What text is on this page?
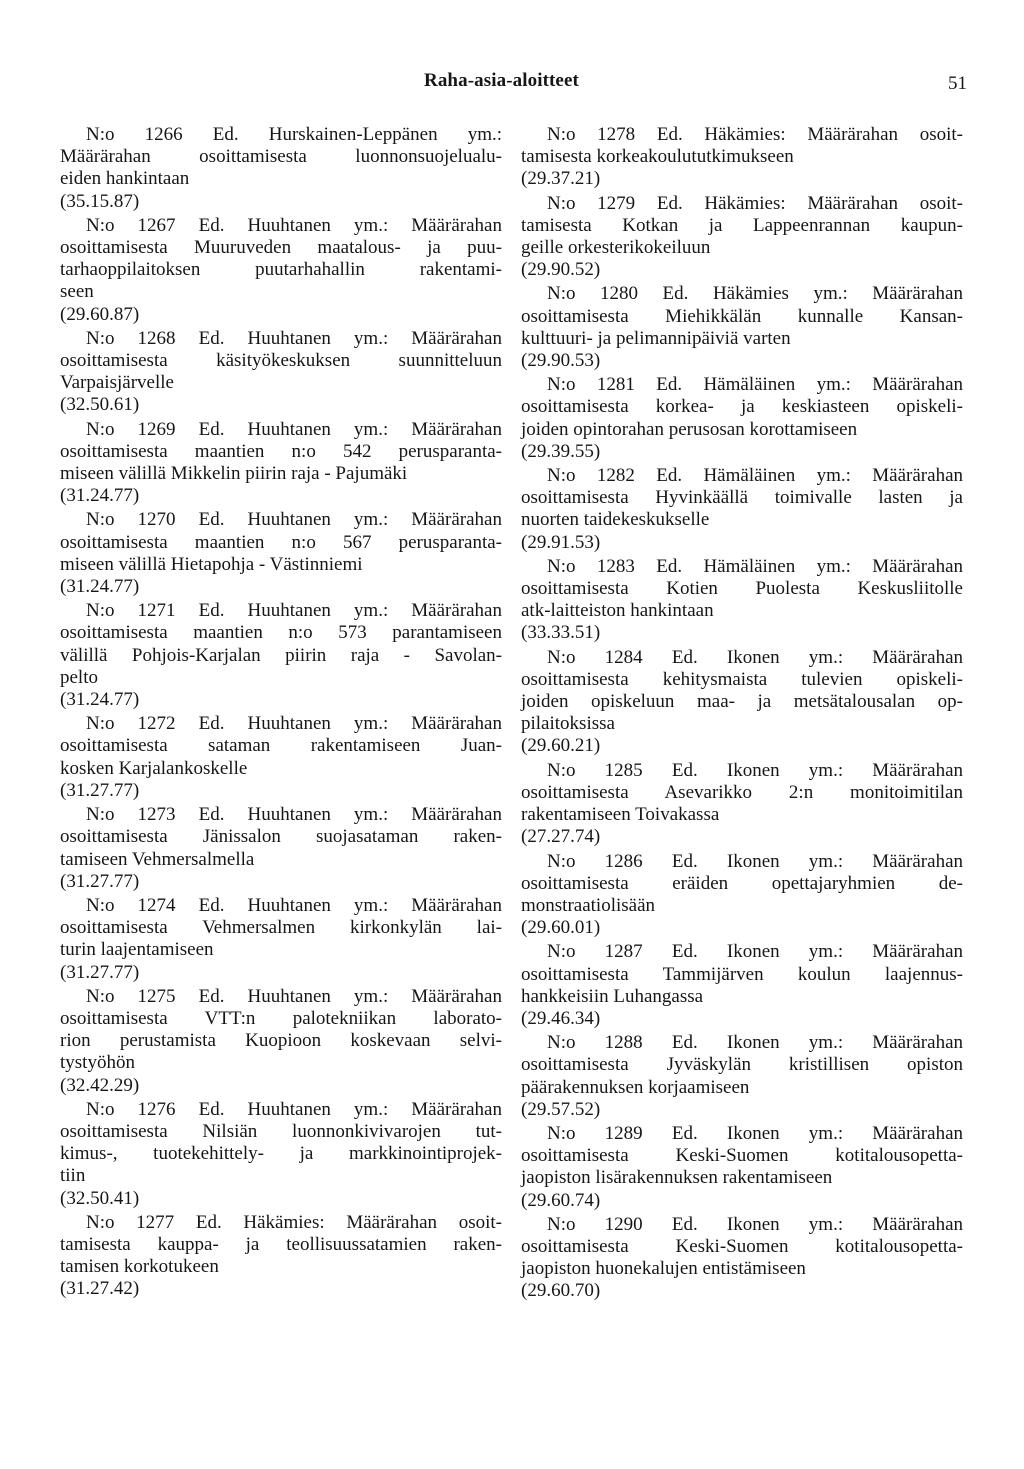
Raha-asia-aloitteet	51
N:o 1266 Ed. Hurskainen-Leppänen ym.:
Määrärahan osoittamisesta luonnonsuojelualu-
eiden hankintaan
(35.15.87)
N:o 1267 Ed. Huuhtanen ym.: Määrärahan
osoittamisesta Muuruveden maatalous- ja puu-
tarhaoppilaitoksen puutarhahallin rakentami-
seen
(29.60.87)
N:o 1268 Ed. Huuhtanen ym.: Määrärahan
osoittamisesta käsityökeskuksen suunnitteluun
Varpaisjärvelle
(32.50.61)
N:o 1269 Ed. Huuhtanen ym.: Määrärahan
osoittamisesta maantien n:o 542 perusparanta-
miseen välillä Mikkelin piirin raja - Pajumäki
(31.24.77)
N:o 1270 Ed. Huuhtanen ym.: Määrärahan
osoittamisesta maantien n:o 567 perusparanta-
miseen välillä Hietapohja - Västinniemi
(31.24.77)
N:o 1271 Ed. Huuhtanen ym.: Määrärahan
osoittamisesta maantien n:o 573 parantamiseen
välillä Pohjois-Karjalan piirin raja - Savolan-
pelto
(31.24.77)
N:o 1272 Ed. Huuhtanen ym.: Määrärahan
osoittamisesta sataman rakentamiseen Juan-
kosken Karjalankoskelle
(31.27.77)
N:o 1273 Ed. Huuhtanen ym.: Määrärahan
osoittamisesta Jänissalon suojasataman raken-
tamiseen Vehmersalmella
(31.27.77)
N:o 1274 Ed. Huuhtanen ym.: Määrärahan
osoittamisesta Vehmersalmen kirkonkylän lai-
turin laajentamiseen
(31.27.77)
N:o 1275 Ed. Huuhtanen ym.: Määrärahan
osoittamisesta VTT:n palotekniikan laborato-
rion perustamista Kuopioon koskevaan selvi-
tystyöhön
(32.42.29)
N:o 1276 Ed. Huuhtanen ym.: Määrärahan
osoittamisesta Nilsiän luonnonkivivarojen tut-
kimus-, tuotekehittely- ja markkinointiprojek-
tiin
(32.50.41)
N:o 1277 Ed. Häkämies: Määrärahan osoit-
tamisesta kauppa- ja teollisuussatamien raken-
tamisen korkotukeen
(31.27.42)
N:o 1278 Ed. Häkämies: Määrärahan osoit-
tamisesta korkeakoulututkimukseen
(29.37.21)
N:o 1279 Ed. Häkämies: Määrärahan osoit-
tamisesta Kotkan ja Lappeenrannan kaupun-
geille orkesterikokeiluun
(29.90.52)
N:o 1280 Ed. Häkämies ym.: Määrärahan
osoittamisesta Miehikkälän kunnalle Kansan-
kulttuuri- ja pelimannipäiviä varten
(29.90.53)
N:o 1281 Ed. Hämäläinen ym.: Määrärahan
osoittamisesta korkea- ja keskiasteen opiskeli-
joiden opintorahan perusosan korottamiseen
(29.39.55)
N:o 1282 Ed. Hämäläinen ym.: Määrärahan
osoittamisesta Hyvinkäällä toimivalle lasten ja
nuorten taidekeskukselle
(29.91.53)
N:o 1283 Ed. Hämäläinen ym.: Määrärahan
osoittamisesta Kotien Puolesta Keskusliitolle
atk-laitteiston hankintaan
(33.33.51)
N:o 1284 Ed. Ikonen ym.: Määrärahan
osoittamisesta kehitysmaista tulevien opiskeli-
joiden opiskeluun maa- ja metsätalousalan op-
pilaitoksissa
(29.60.21)
N:o 1285 Ed. Ikonen ym.: Määrärahan
osoittamisesta Asevarikko 2:n monitoimitilan
rakentamiseen Toivakassa
(27.27.74)
N:o 1286 Ed. Ikonen ym.: Määrärahan
osoittamisesta eräiden opettajaryhmien de-
monstraatiolisään
(29.60.01)
N:o 1287 Ed. Ikonen ym.: Määrärahan
osoittamisesta Tammijärven koulun laajennus-
hankkeisiin Luhangassa
(29.46.34)
N:o 1288 Ed. Ikonen ym.: Määrärahan
osoittamisesta Jyväskylän kristillisen opiston
päärakennuksen korjaamiseen
(29.57.52)
N:o 1289 Ed. Ikonen ym.: Määrärahan
osoittamisesta Keski-Suomen kotitalousopetta-
jaopiston lisärakennuksen rakentamiseen
(29.60.74)
N:o 1290 Ed. Ikonen ym.: Määrärahan
osoittamisesta Keski-Suomen kotitalousopetta-
jaopiston huonekalujen entistämiseen
(29.60.70)
